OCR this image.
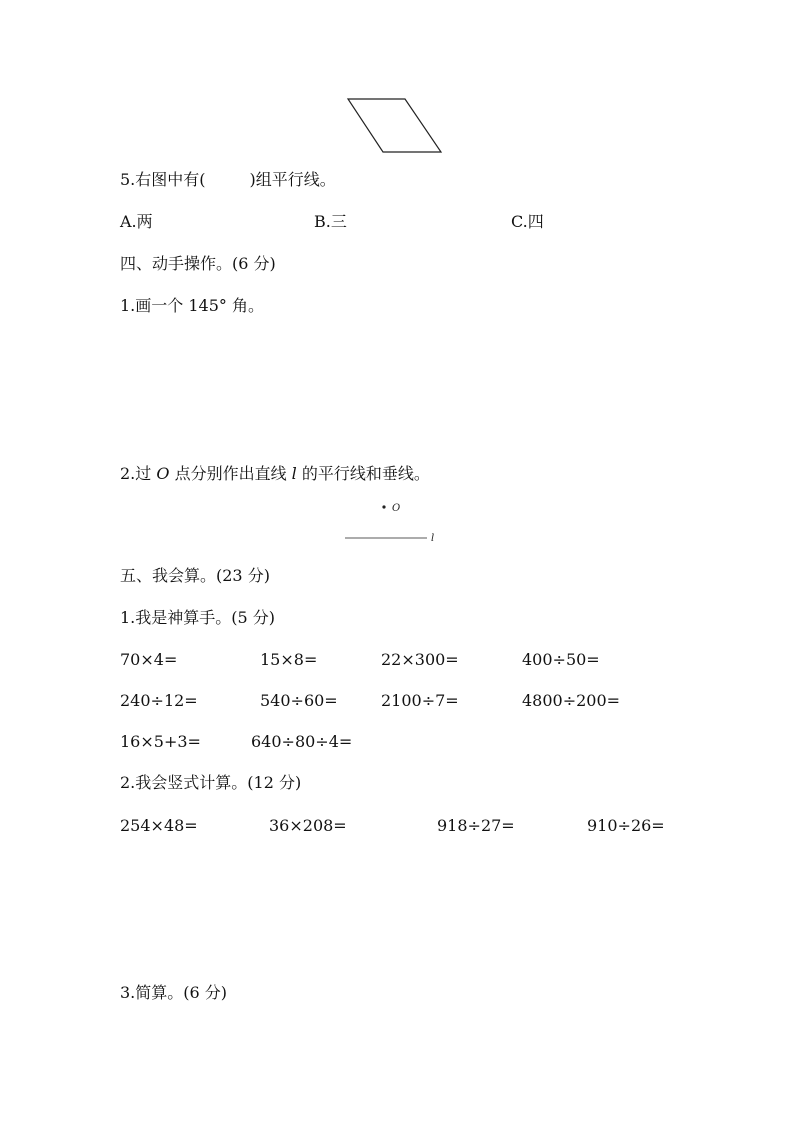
5.右图中有(	)组平行线。
A.两	B.三	C.四
四、动手操作。(6 分)
1.画一个 145° 角。
2.过 O 点分别作出直线 l 的平行线和垂线。
O
l
五、我会算。(23 分)
1.我是神算手。(5 分)
70×4=	15×8=	22×300=	400÷50=
240÷12=	540÷60=	2100÷7=	4800÷200=
16×5+3=	640÷80÷4=
2.我会竖式计算。(12 分)
254×48=	36×208=	918÷27=	910÷26=
3.简算。(6 分)
